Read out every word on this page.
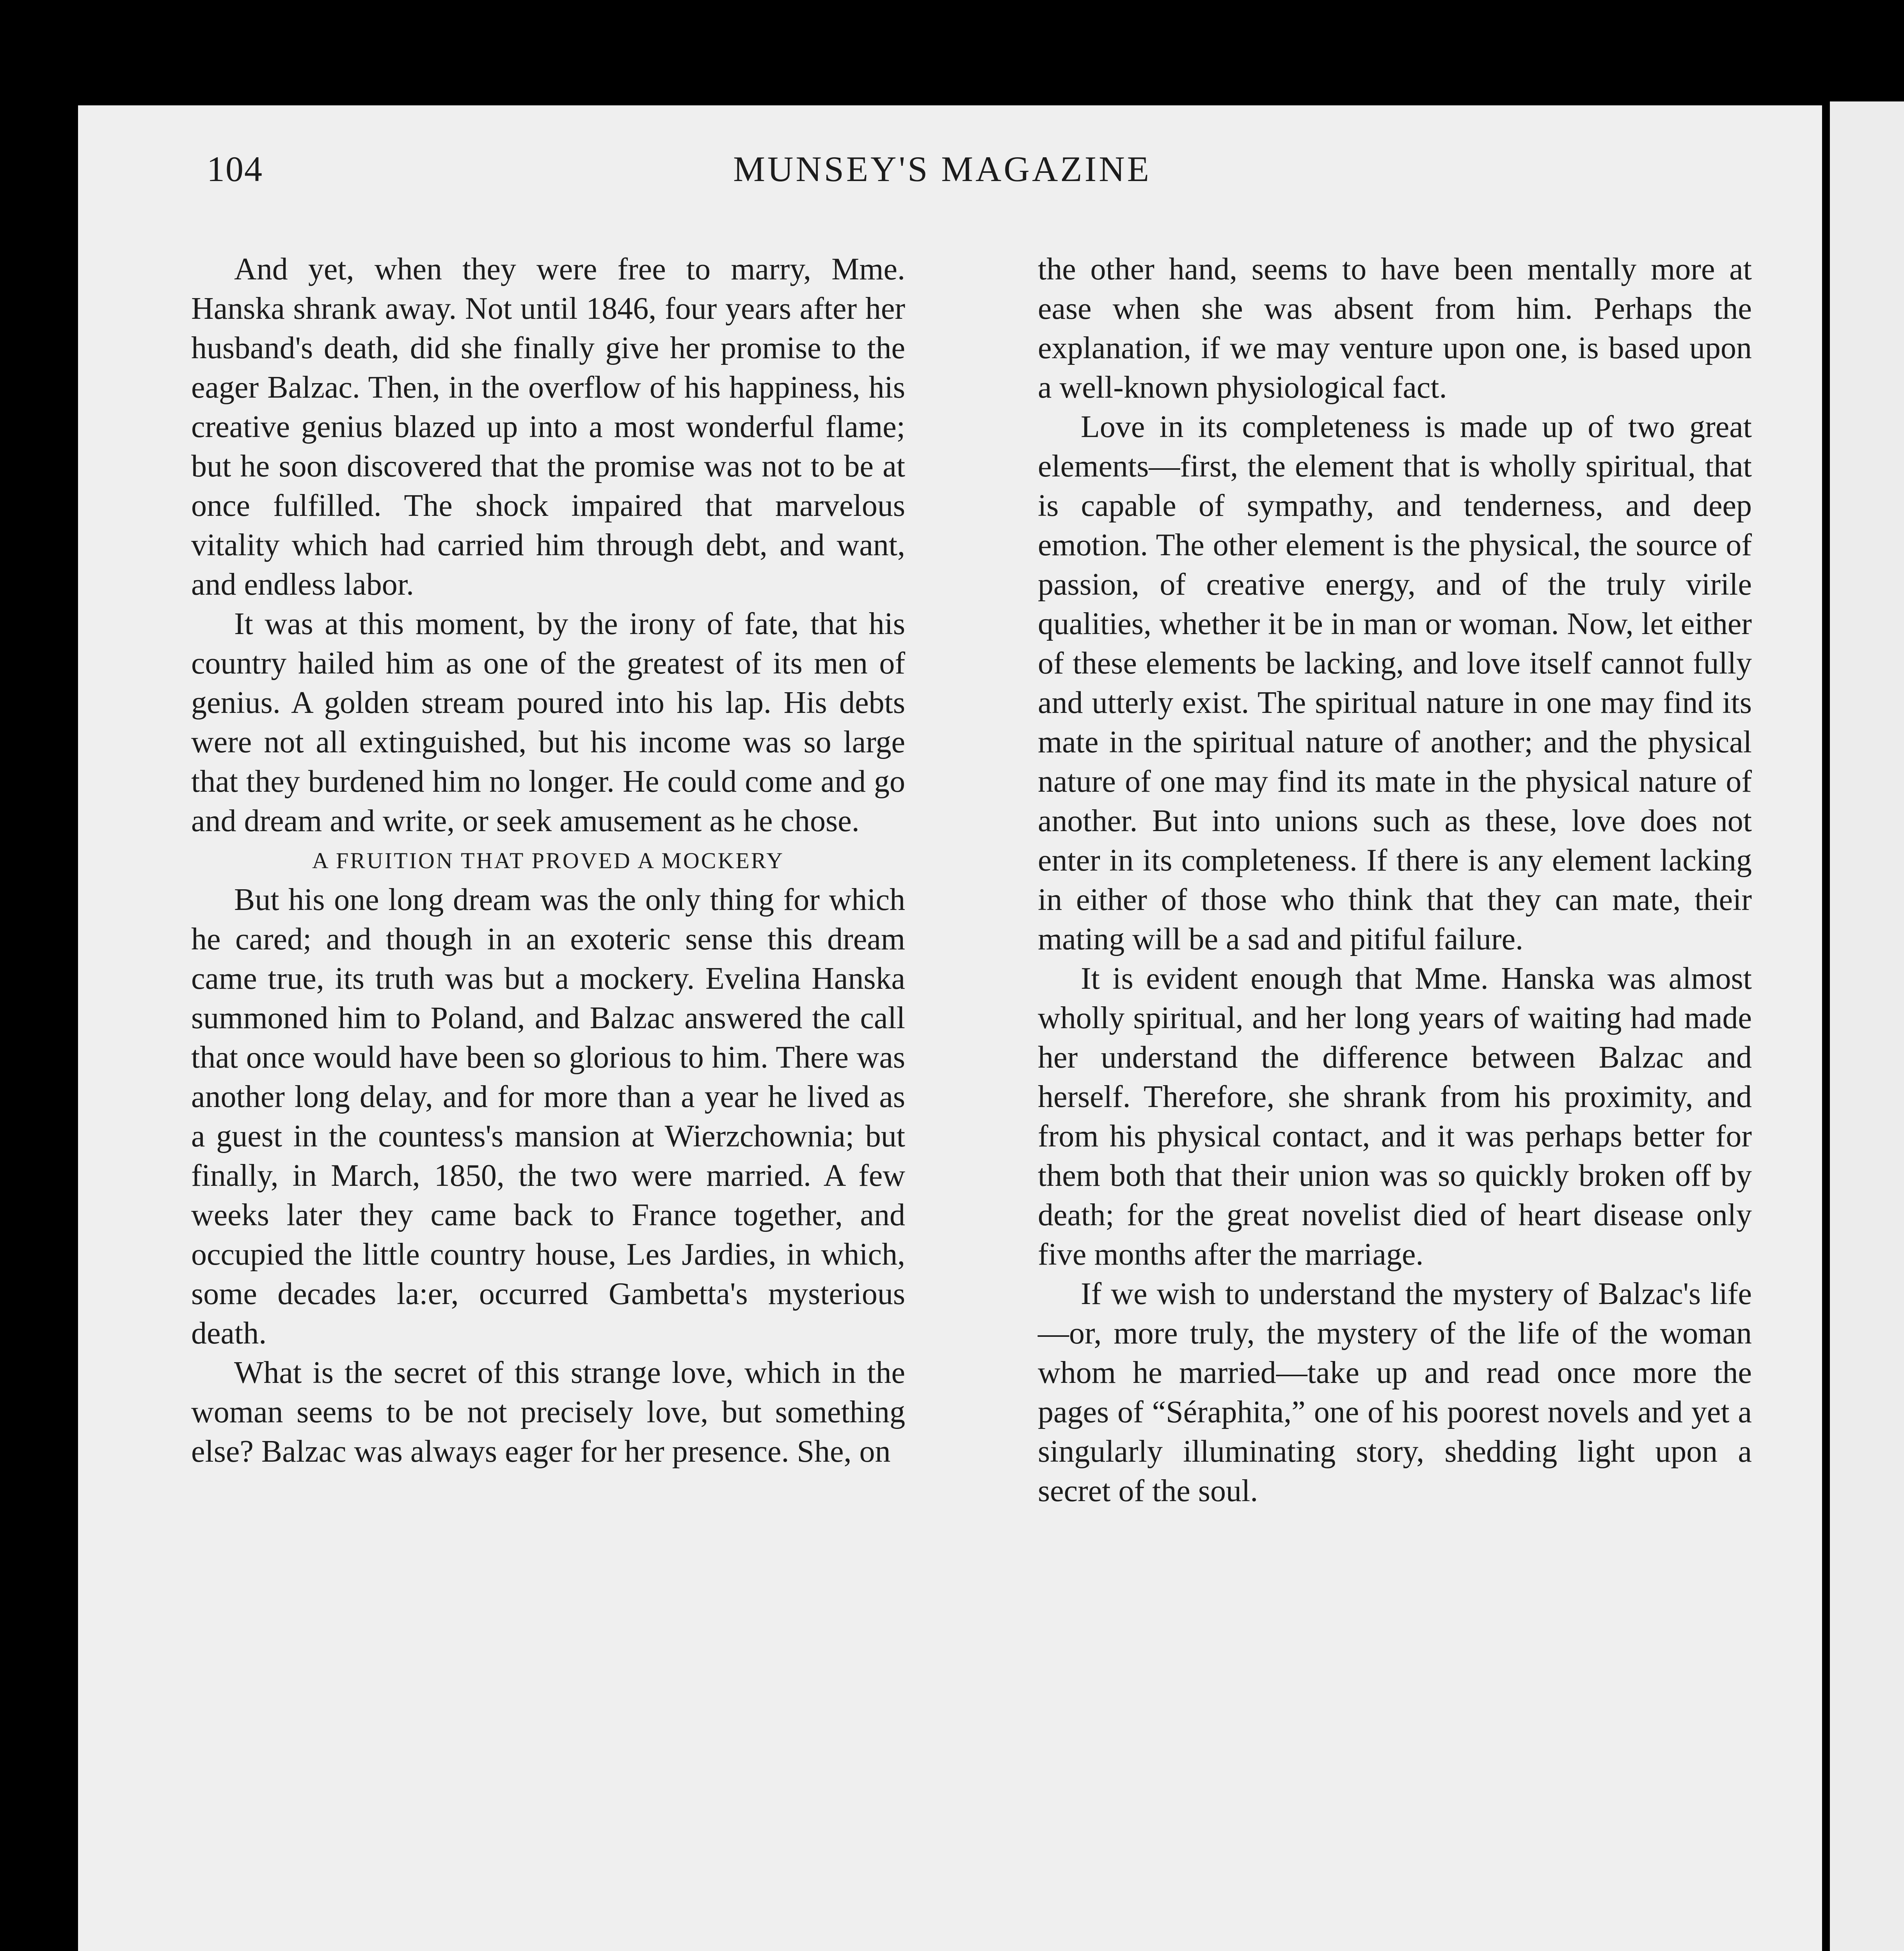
104	MUNSEY'S MAGAZINE

And yet, when they were free to marry, Mme. Hanska shrank away. Not until 1846, four years after her husband's death, did she finally give her promise to the eager Balzac. Then, in the overflow of his happiness, his creative genius blazed up into a most wonderful flame; but he soon discovered that the promise was not to be at once fulfilled. The shock impaired that marvelous vitality which had carried him through debt, and want, and endless labor.

It was at this moment, by the irony of fate, that his country hailed him as one of the greatest of its men of genius. A golden stream poured into his lap. His debts were not all extinguished, but his income was so large that they burdened him no longer. He could come and go and dream and write, or seek amusement as he chose.

A FRUITION THAT PROVED A MOCKERY

But his one long dream was the only thing for which he cared; and though in an exoteric sense this dream came true, its truth was but a mockery. Evelina Hanska summoned him to Poland, and Balzac answered the call that once would have been so glorious to him. There was another long delay, and for more than a year he lived as a guest in the countess's mansion at Wierzchownia; but finally, in March, 1850, the two were married. A few weeks later they came back to France together, and occupied the little country house, Les Jardies, in which, some decades la:er, occurred Gambetta's mysterious death.

What is the secret of this strange love, which in the woman seems to be not precisely love, but something else? Balzac was always eager for her presence. She, on

the other hand, seems to have been mentally more at ease when she was absent from him. Perhaps the explanation, if we may venture upon one, is based upon a well-known physiological fact.

Love in its completeness is made up of two great elements—first, the element that is wholly spiritual, that is capable of sympathy, and tenderness, and deep emotion. The other element is the physical, the source of passion, of creative energy, and of the truly virile qualities, whether it be in man or woman. Now, let either of these elements be lacking, and love itself cannot fully and utterly exist. The spiritual nature in one may find its mate in the spiritual nature of another; and the physical nature of one may find its mate in the physical nature of another. But into unions such as these, love does not enter in its completeness. If there is any element lacking in either of those who think that they can mate, their mating will be a sad and pitiful failure.

It is evident enough that Mme. Hanska was almost wholly spiritual, and her long years of waiting had made her understand the difference between Balzac and herself. Therefore, she shrank from his proximity, and from his physical contact, and it was perhaps better for them both that their union was so quickly broken off by death; for the great novelist died of heart disease only five months after the marriage.

If we wish to understand the mystery of Balzac's life—or, more truly, the mystery of the life of the woman whom he married—take up and read once more the pages of “Séraphita,” one of his poorest novels and yet a singularly illuminating story, shedding light upon a secret of the soul.
